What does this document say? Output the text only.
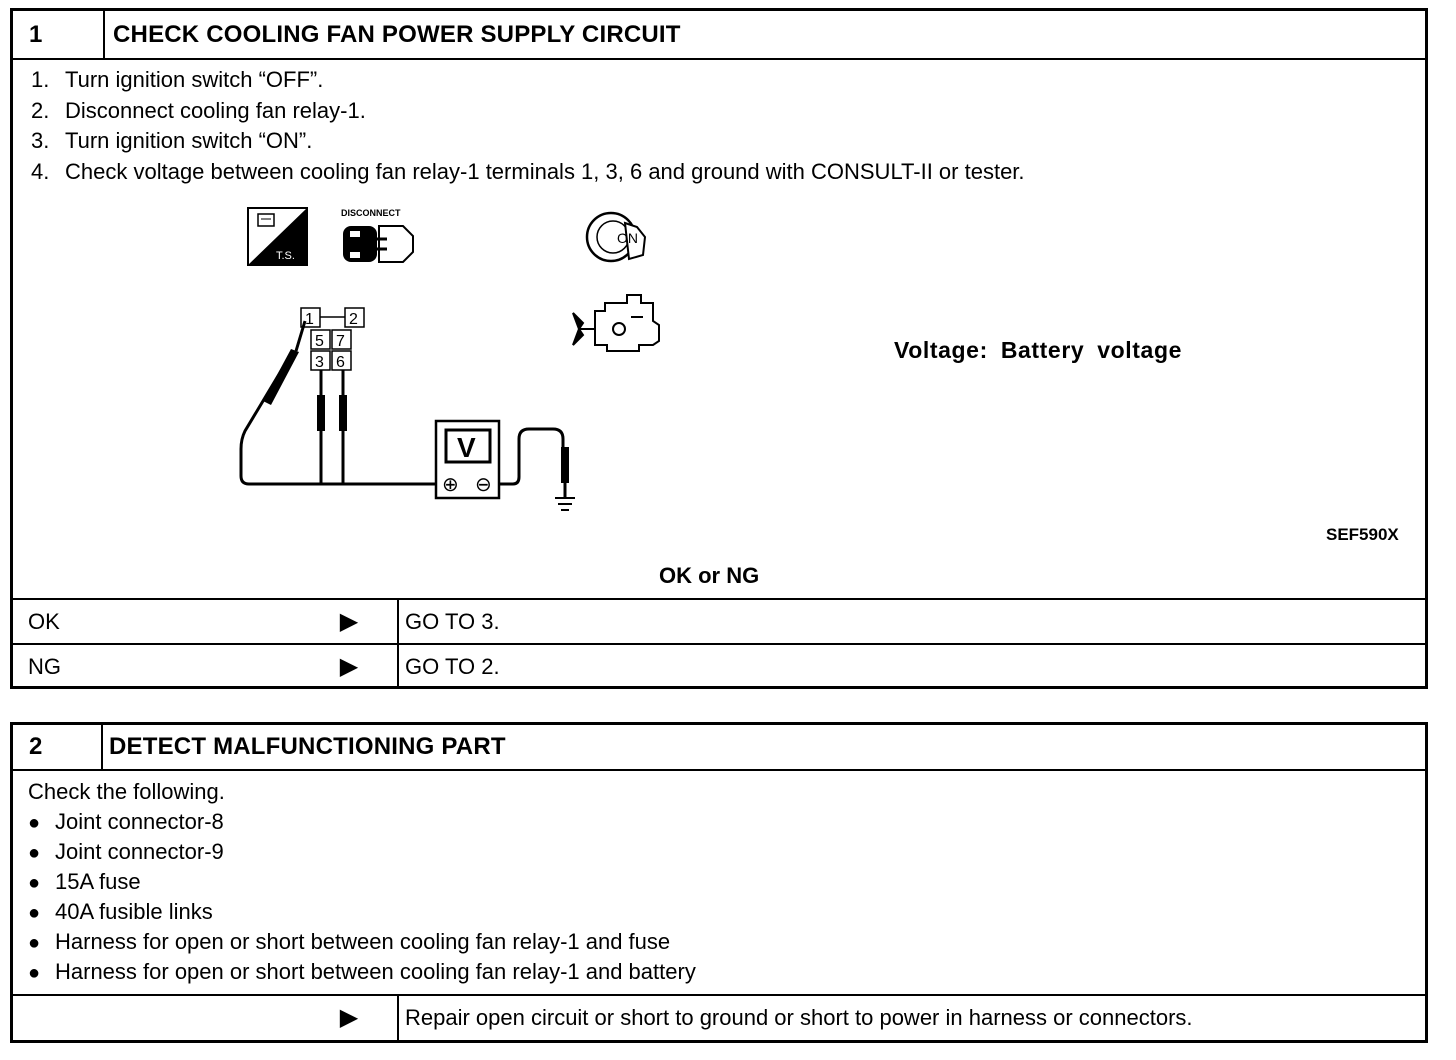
1	CHECK COOLING FAN POWER SUPPLY CIRCUIT
1. Turn ignition switch “OFF”.
2. Disconnect cooling fan relay-1.
3. Turn ignition switch “ON”.
4. Check voltage between cooling fan relay-1 terminals 1, 3, 6 and ground with CONSULT-II or tester.
T.S.
DISCONNECT
ON
1 2
5 7
3 6
V
⊕ ⊖
Voltage: Battery voltage
SEF590X
OK or NG
OK	▶ GO TO 3.
NG	▶ GO TO 2.
2	DETECT MALFUNCTIONING PART
Check the following.
● Joint connector-8
● Joint connector-9
● 15A fuse
● 40A fusible links
● Harness for open or short between cooling fan relay-1 and fuse
● Harness for open or short between cooling fan relay-1 and battery
▶ Repair open circuit or short to ground or short to power in harness or connectors.
